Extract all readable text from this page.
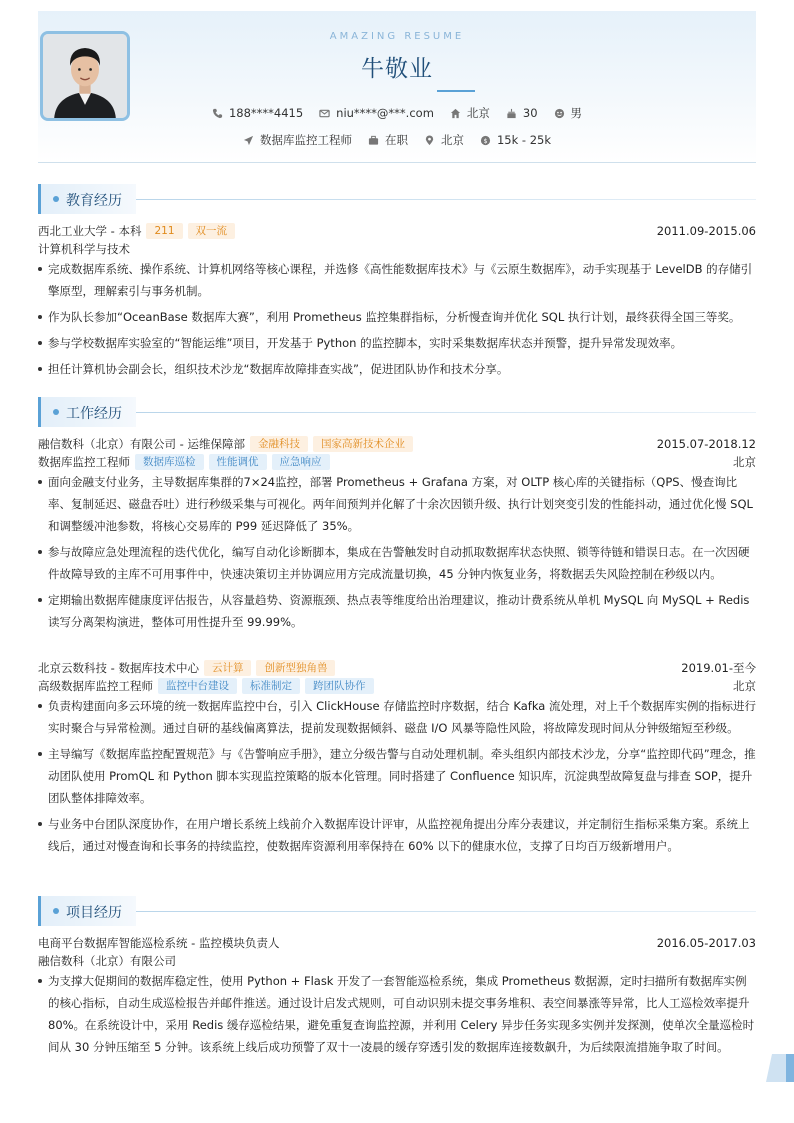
AMAZING RESUME
牛敬业
188****4415	niu****@***.com	北京	30	男
数据库监控工程师	在职	北京	$ 15k - 25k
教育经历
西北工业大学 - 本科	211	双一流	2011.09-2015.06
计算机科学与技术
完成数据库系统、操作系统、计算机网络等核心课程，并选修《高性能数据库技术》与《云原生数据库》，动手实现基于 LevelDB 的存储引擎原型，理解索引与事务机制。
作为队长参加“OceanBase 数据库大赛”，利用 Prometheus 监控集群指标，分析慢查询并优化 SQL 执行计划，最终获得全国三等奖。
参与学校数据库实验室的“智能运维”项目，开发基于 Python 的监控脚本，实时采集数据库状态并预警，提升异常发现效率。
担任计算机协会副会长，组织技术沙龙“数据库故障排查实战”，促进团队协作和技术分享。
工作经历
融信数科（北京）有限公司 - 运维保障部	金融科技	国家高新技术企业	2015.07-2018.12
数据库监控工程师	数据库巡检	性能调优	应急响应	北京
面向金融支付业务，主导数据库集群的7×24监控，部署 Prometheus + Grafana 方案，对 OLTP 核心库的关键指标（QPS、慢查询比率、复制延迟、磁盘吞吐）进行秒级采集与可视化。两年间预判并化解了十余次因锁升级、执行计划突变引发的性能抖动，通过优化慢 SQL 和调整缓冲池参数，将核心交易库的 P99 延迟降低了 35%。
参与故障应急处理流程的迭代优化，编写自动化诊断脚本，集成在告警触发时自动抓取数据库状态快照、锁等待链和错误日志。在一次因硬件故障导致的主库不可用事件中，快速决策切主并协调应用方完成流量切换，45 分钟内恢复业务，将数据丢失风险控制在秒级以内。
定期输出数据库健康度评估报告，从容量趋势、资源瓶颈、热点表等维度给出治理建议，推动计费系统从单机 MySQL 向 MySQL + Redis 读写分离架构演进，整体可用性提升至 99.99%。
北京云数科技 - 数据库技术中心	云计算	创新型独角兽	2019.01-至今
高级数据库监控工程师	监控中台建设	标准制定	跨团队协作	北京
负责构建面向多云环境的统一数据库监控中台，引入 ClickHouse 存储监控时序数据，结合 Kafka 流处理，对上千个数据库实例的指标进行实时聚合与异常检测。通过自研的基线偏离算法，提前发现数据倾斜、磁盘 I/O 风暴等隐性风险，将故障发现时间从分钟级缩短至秒级。
主导编写《数据库监控配置规范》与《告警响应手册》，建立分级告警与自动处理机制。牵头组织内部技术沙龙，分享“监控即代码”理念，推动团队使用 PromQL 和 Python 脚本实现监控策略的版本化管理。同时搭建了 Confluence 知识库，沉淀典型故障复盘与排查 SOP，提升团队整体排障效率。
与业务中台团队深度协作，在用户增长系统上线前介入数据库设计评审，从监控视角提出分库分表建议，并定制衍生指标采集方案。系统上线后，通过对慢查询和长事务的持续监控，使数据库资源利用率保持在 60% 以下的健康水位，支撑了日均百万级新增用户。
项目经历
电商平台数据库智能巡检系统 - 监控模块负责人	2016.05-2017.03
融信数科（北京）有限公司
为支撑大促期间的数据库稳定性，使用 Python + Flask 开发了一套智能巡检系统，集成 Prometheus 数据源，定时扫描所有数据库实例的核心指标，自动生成巡检报告并邮件推送。通过设计启发式规则，可自动识别未提交事务堆积、表空间暴涨等异常，比人工巡检效率提升 80%。在系统设计中，采用 Redis 缓存巡检结果，避免重复查询监控源，并利用 Celery 异步任务实现多实例并发探测，使单次全量巡检时间从 30 分钟压缩至 5 分钟。该系统上线后成功预警了双十一凌晨的缓存穿透引发的数据库连接数飙升，为后续限流措施争取了时间。
